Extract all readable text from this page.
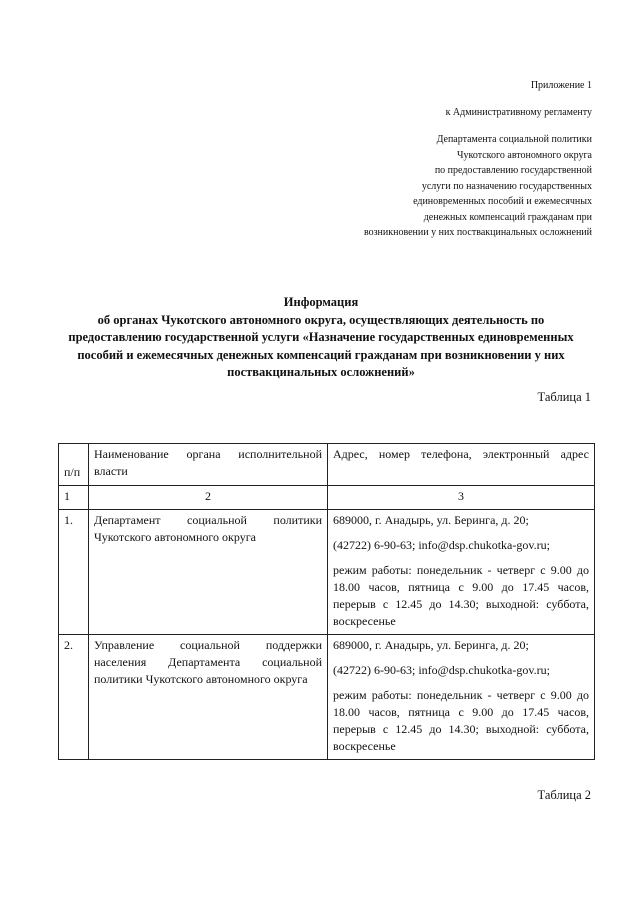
Приложение 1
к Административному регламенту
Департамента социальной политики
Чукотского автономного округа
по предоставлению государственной
услуги по назначению государственных
единовременных пособий и ежемесячных
денежных компенсаций гражданам при
возникновении у них поствакцинальных осложнений
Информация
об органах Чукотского автономного округа, осуществляющих деятельность по предоставлению государственной услуги «Назначение государственных единовременных пособий и ежемесячных денежных компенсаций гражданам при возникновении у них поствакцинальных осложнений»
Таблица 1
п/п	Наименование органа исполнительной власти	Адрес, номер телефона, электронный адрес
1	2	3
1.	Департамент социальной политики Чукотского автономного округа	689000, г. Анадырь, ул. Беринга, д. 20;

(42722) 6-90-63; info@dsp.chukotka-gov.ru;

режим работы: понедельник - четверг с 9.00 до 18.00 часов, пятница с 9.00 до 17.45 часов, перерыв с 12.45 до 14.30; выходной: суббота, воскресенье

2.	Управление социальной поддержки населения Департамента социальной политики Чукотского автономного округа	689000, г. Анадырь, ул. Беринга, д. 20;

(42722) 6-90-63; info@dsp.chukotka-gov.ru;

режим работы: понедельник - четверг с 9.00 до 18.00 часов, пятница с 9.00 до 17.45 часов, перерыв с 12.45 до 14.30; выходной: суббота, воскресенье

Таблица 2
